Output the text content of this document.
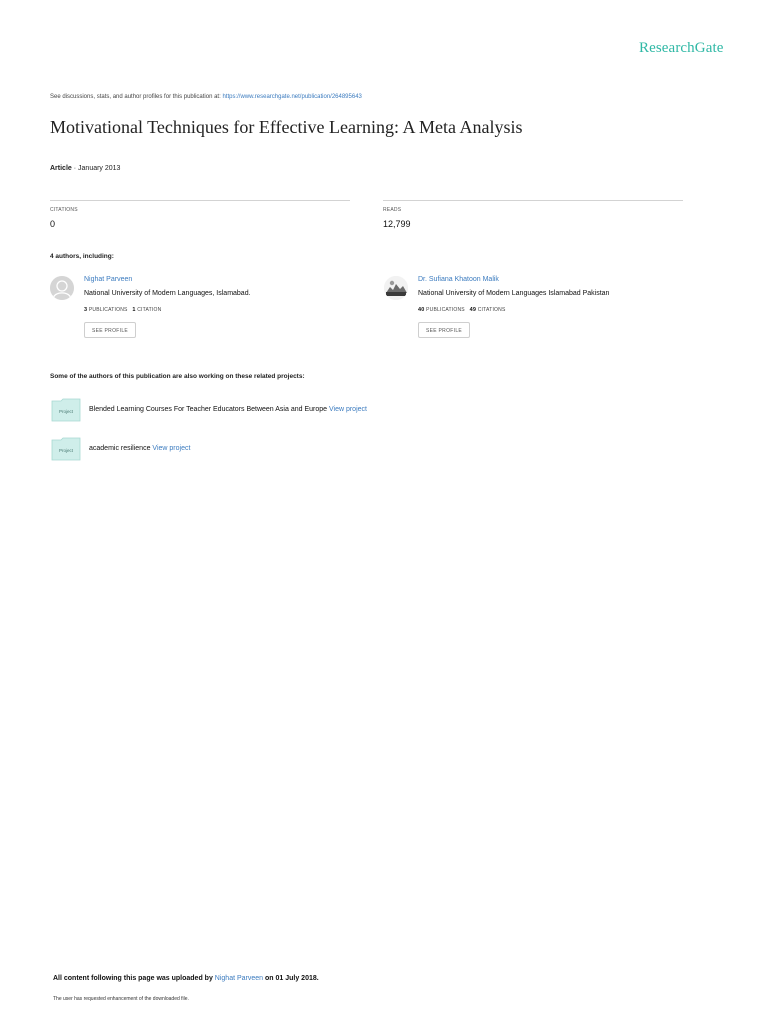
ResearchGate
See discussions, stats, and author profiles for this publication at: https://www.researchgate.net/publication/264895643
Motivational Techniques for Effective Learning: A Meta Analysis
Article · January 2013
CITATIONS
0
READS
12,799
4 authors, including:
Nighat Parveen
National University of Modern Languages, Islamabad.
3 PUBLICATIONS 1 CITATION
SEE PROFILE
Dr. Sufiana Khatoon Malik
National University of Modern Languages Islamabad Pakistan
40 PUBLICATIONS 49 CITATIONS
SEE PROFILE
Some of the authors of this publication are also working on these related projects:
Project Blended Learning Courses For Teacher Educators Between Asia and Europe View project
Project academic resilience View project
All content following this page was uploaded by Nighat Parveen on 01 July 2018.
The user has requested enhancement of the downloaded file.
